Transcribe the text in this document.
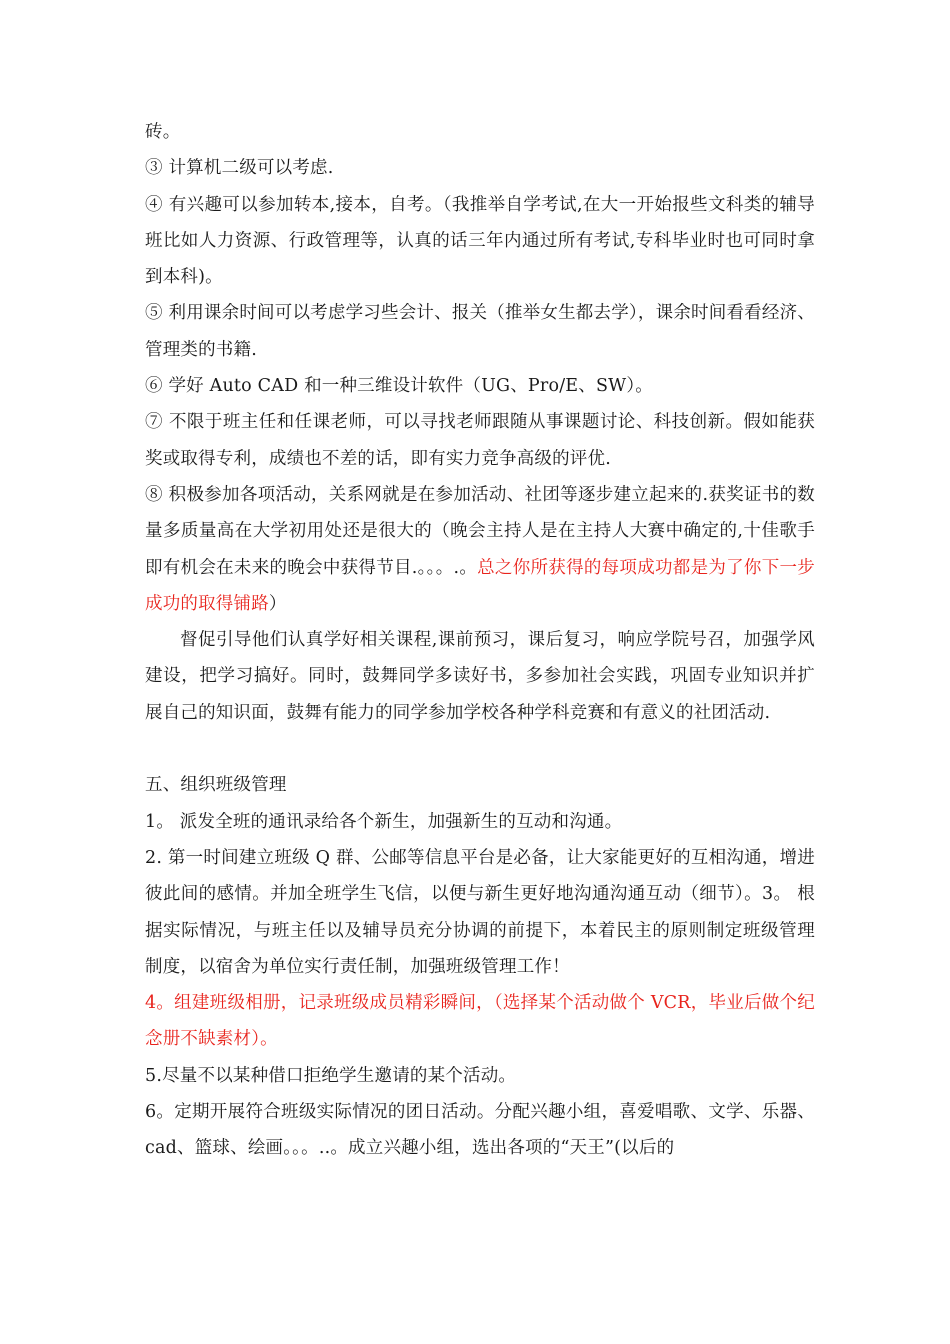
砖。

③ 计算机二级可以考虑.

④ 有兴趣可以参加转本,接本，自考。（我推举自学考试,在大一开始报些文科类的辅导班比如人力资源、行政管理等，认真的话三年内通过所有考试,专科毕业时也可同时拿到本科)。

⑤ 利用课余时间可以考虑学习些会计、报关（推举女生都去学），课余时间看看经济、管理类的书籍.

⑥ 学好 Auto CAD 和一种三维设计软件（UG、Pro/E、SW）。

⑦ 不限于班主任和任课老师，可以寻找老师跟随从事课题讨论、科技创新。假如能获奖或取得专利，成绩也不差的话，即有实力竞争高级的评优.

⑧ 积极参加各项活动，关系网就是在参加活动、社团等逐步建立起来的.获奖证书的数量多质量高在大学初用处还是很大的（晚会主持人是在主持人大赛中确定的,十佳歌手即有机会在未来的晚会中获得节目.。。。.。总之你所获得的每项成功都是为了你下一步成功的取得铺路）

督促引导他们认真学好相关课程,课前预习，课后复习，响应学院号召，加强学风建设，把学习搞好。同时，鼓舞同学多读好书，多参加社会实践，巩固专业知识并扩展自己的知识面，鼓舞有能力的同学参加学校各种学科竞赛和有意义的社团活动.

五、组织班级管理

1。 派发全班的通讯录给各个新生，加强新生的互动和沟通。

2. 第一时间建立班级 Q 群、公邮等信息平台是必备，让大家能更好的互相沟通，增进彼此间的感情。并加全班学生飞信，以便与新生更好地沟通沟通互动（细节）。3。 根据实际情况，与班主任以及辅导员充分协调的前提下，本着民主的原则制定班级管理制度，以宿舍为单位实行责任制，加强班级管理工作！

4。组建班级相册，记录班级成员精彩瞬间，（选择某个活动做个 VCR，毕业后做个纪念册不缺素材）。

5.尽量不以某种借口拒绝学生邀请的某个活动。

6。定期开展符合班级实际情况的团日活动。分配兴趣小组，喜爱唱歌、文学、乐器、cad、篮球、绘画。。。..。成立兴趣小组，选出各项的“天王”(以后的
